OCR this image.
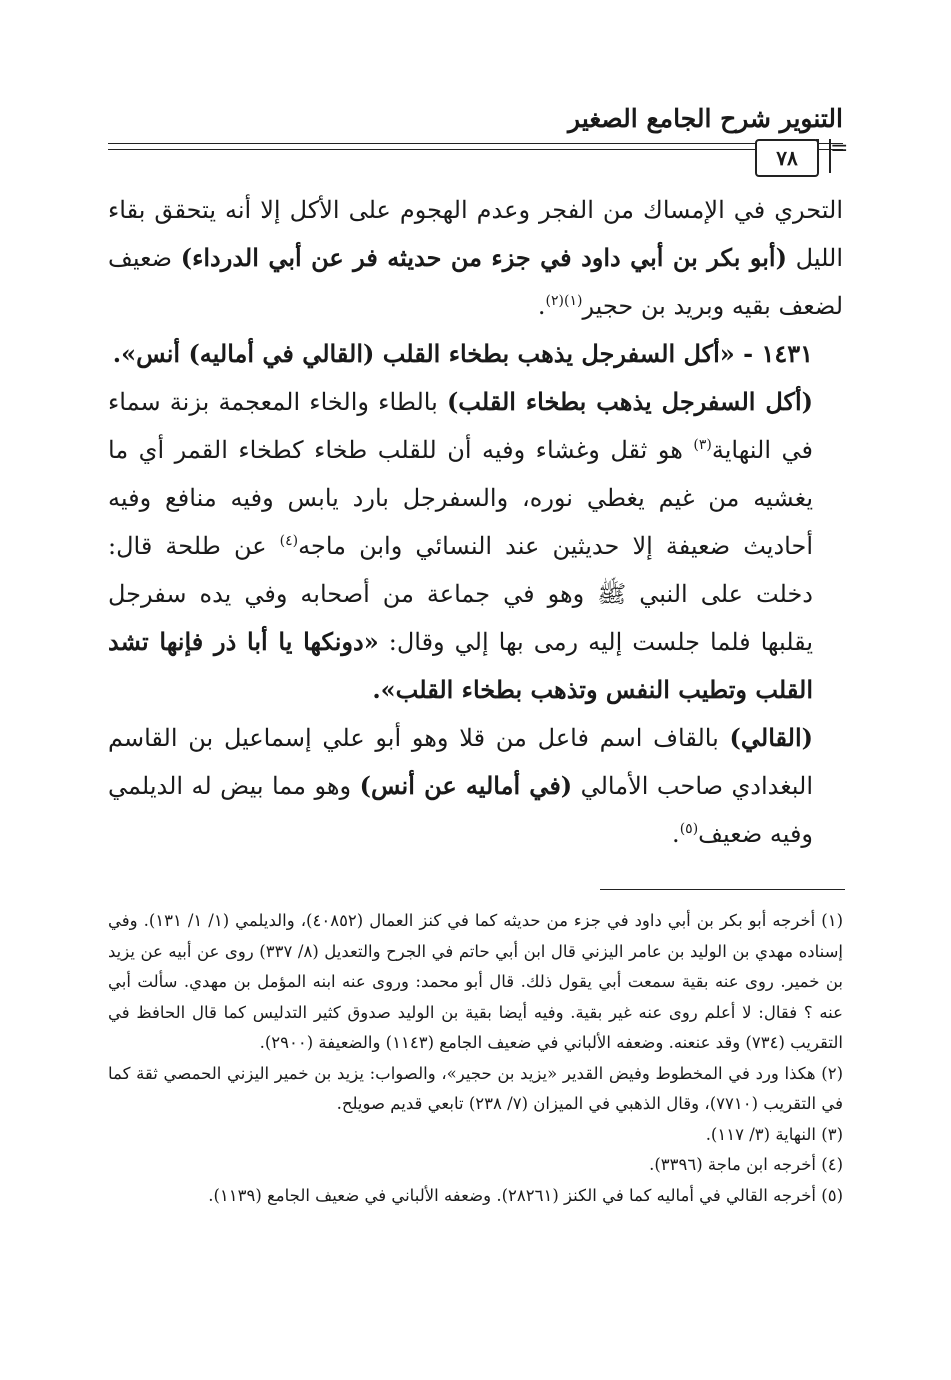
التنوير شرح الجامع الصغير
٧٨	=

التحري في الإمساك من الفجر وعدم الهجوم على الأكل إلا أنه يتحقق بقاء الليل (أبو بكر بن أبي داود في جزء من حديثه فر عن أبي الدرداء) ضعيف لضعف بقيه وبريد بن حجير$^{(١)(٢)}$.

١٤٣١ - «أكل السفرجل يذهب بطخاء القلب (القالي في أماليه) أنس».

(أكل السفرجل يذهب بطخاء القلب) بالطاء والخاء المعجمة بزنة سماء في النهاية$^{(٣)}$ هو ثقل وغشاء وفيه أن للقلب طخاء كطخاء القمر أي ما يغشيه من غيم يغطي نوره، والسفرجل بارد يابس وفيه منافع وفيه أحاديث ضعيفة إلا حديثين عند النسائي وابن ماجه$^{(٤)}$ عن طلحة قال: دخلت على النبي ﷺ وهو في جماعة من أصحابه وفي يده سفرجل يقلبها فلما جلست إليه رمى بها إلي وقال: «دونكها يا أبا ذر فإنها تشد القلب وتطيب النفس وتذهب بطخاء القلب».

(القالي) بالقاف اسم فاعل من قلا وهو أبو علي إسماعيل بن القاسم البغدادي صاحب الأمالي (في أماليه عن أنس) وهو مما بيض له الديلمي وفيه ضعيف$^{(٥)}$.

(١) أخرجه أبو بكر بن أبي داود في جزء من حديثه كما في كنز العمال (٤٠٨٥٢)، والديلمي (١/ ١/ ١٣١). وفي إسناده مهدي بن الوليد بن عامر اليزني قال ابن أبي حاتم في الجرح والتعديل (٨/ ٣٣٧) روى عن أبيه عن يزيد بن خمير. روى عنه بقية سمعت أبي يقول ذلك. قال أبو محمد: وروى عنه ابنه المؤمل بن مهدي. سألت أبي عنه ؟ فقال: لا أعلم روى عنه غير بقية. وفيه أيضا بقية بن الوليد صدوق كثير التدليس كما قال الحافظ في التقريب (٧٣٤) وقد عنعنه. وضعفه الألباني في ضعيف الجامع (١١٤٣) والضعيفة (٢٩٠٠).

(٢) هكذا ورد في المخطوط وفيض القدير «يزيد بن حجير»، والصواب: يزيد بن خمير اليزني الحمصي ثقة كما في التقريب (٧٧١٠)، وقال الذهبي في الميزان (٧/ ٢٣٨) تابعي قديم صويلح.

(٣) النهاية (٣/ ١١٧).

(٤) أخرجه ابن ماجة (٣٣٩٦).

(٥) أخرجه القالي في أماليه كما في الكنز (٢٨٢٦١). وضعفه الألباني في ضعيف الجامع (١١٣٩).
